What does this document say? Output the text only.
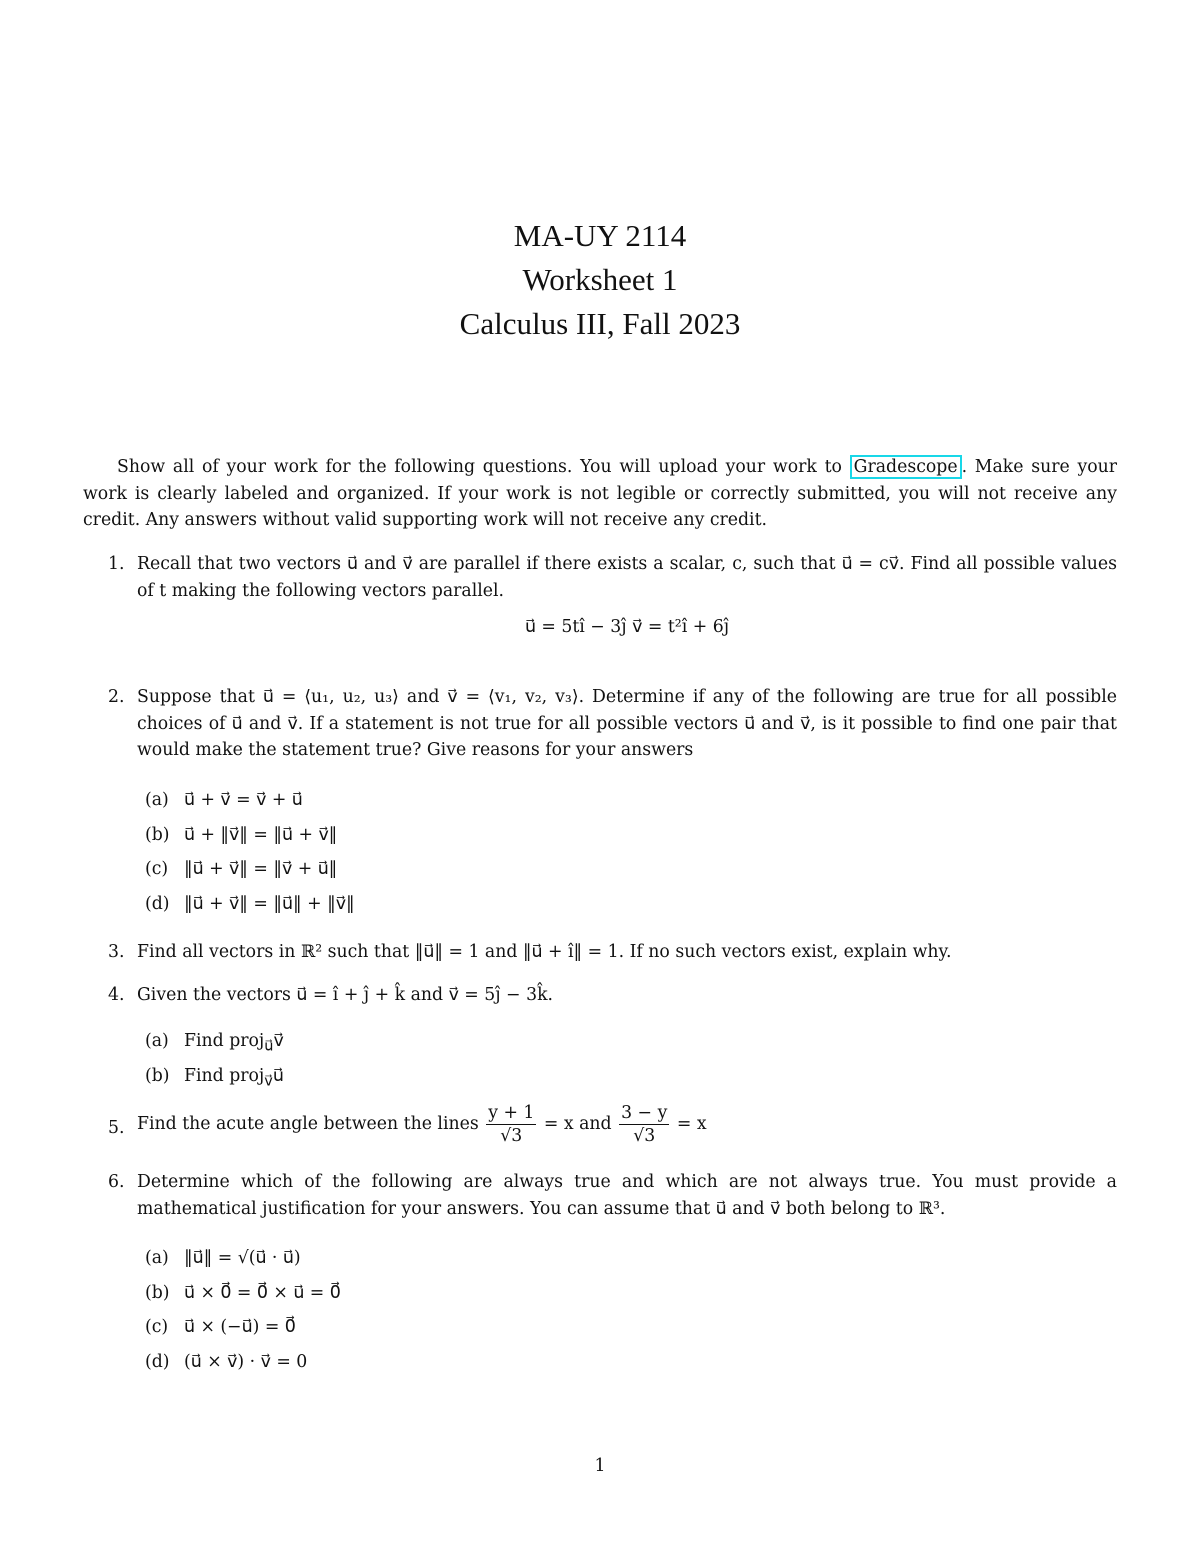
MA-UY 2114
Worksheet 1
Calculus III, Fall 2023
Show all of your work for the following questions. You will upload your work to Gradescope . Make sure your work is clearly labeled and organized. If your work is not legible or correctly submitted, you will not receive any credit. Any answers without valid supporting work will not receive any credit.
1. Recall that two vectors u⃗ and v⃗ are parallel if there exists a scalar, c, such that u⃗ = cv⃗. Find all possible values of t making the following vectors parallel.
u⃗ = 5tî − 3ĵ v⃗ = t²î + 6ĵ
2. Suppose that u⃗ = ⟨u₁, u₂, u₃⟩ and v⃗ = ⟨v₁, v₂, v₃⟩. Determine if any of the following are true for all possible choices of u⃗ and v⃗. If a statement is not true for all possible vectors u⃗ and v⃗, is it possible to find one pair that would make the statement true? Give reasons for your answers
(a) u⃗ + v⃗ = v⃗ + u⃗
(b) u⃗ + ‖v⃗‖ = ‖u⃗ + v⃗‖
(c) ‖u⃗ + v⃗‖ = ‖v⃗ + u⃗‖
(d) ‖u⃗ + v⃗‖ = ‖u⃗‖ + ‖v⃗‖
3. Find all vectors in ℝ² such that ‖u⃗‖ = 1 and ‖u⃗ + î‖ = 1. If no such vectors exist, explain why.
4. Given the vectors u⃗ = î + ĵ + k̂ and v⃗ = 5ĵ − 3k̂.
(a) Find proj$_{u⃗}$v⃗
(b) Find proj$_{v⃗}$u⃗
5. Find the acute angle between the lines $\frac{y + 1}{√3} = x$ and $\frac{3 - y}{√3} = x$
6. Determine which of the following are always true and which are not always true. You must provide a mathematical justification for your answers. You can assume that u⃗ and v⃗ both belong to ℝ³.
(a) ‖u⃗‖ = √(u⃗ · u⃗)
(b) u⃗ × 0⃗ = 0⃗ × u⃗ = 0⃗
(c) u⃗ × (−u⃗) = 0⃗
(d) (u⃗ × v⃗) · v⃗ = 0
1
